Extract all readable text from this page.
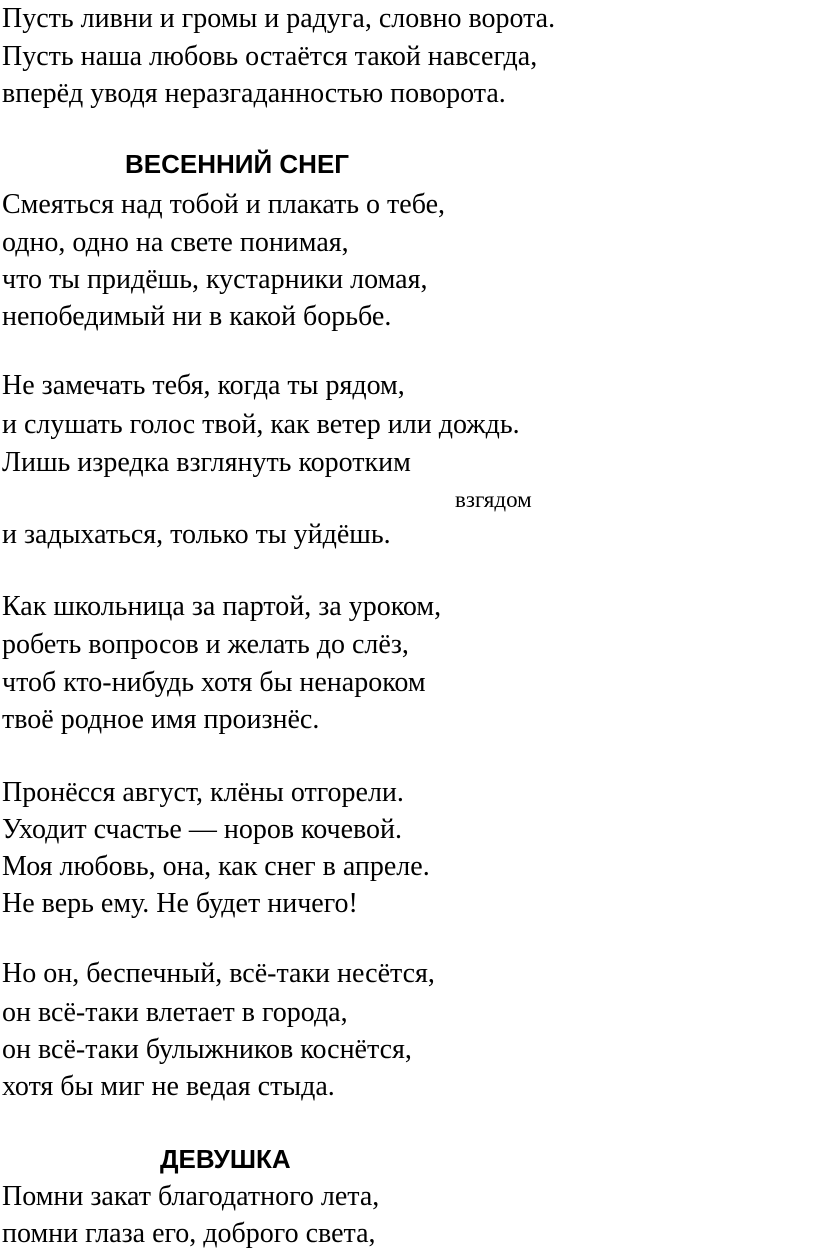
Пусть ливни и громы и радуга, словно ворота.

Пусть наша любовь остаётся такой навсегда,

вперёд уводя неразгаданностью поворота.

ВЕСЕННИЙ СНЕГ

Смеяться над тобой и плакать о тебе,

одно, одно на свете понимая,

что ты придёшь, кустарники ломая,

непобедимый ни в какой борьбе.

Не замечать тебя, когда ты рядом,

и слушать голос твой, как ветер или дождь.

Лишь изредка взглянуть коротким

взгядом

и задыхаться, только ты уйдёшь.

Как школьница за партой, за уроком,

робеть вопросов и желать до слёз,

чтоб кто-нибудь хотя бы ненароком

твоё родное имя произнёс.

Пронёсся август, клёны отгорели.

Уходит счастье — норов кочевой.

Моя любовь, она, как снег в апреле.

Не верь ему. Не будет ничего!

Но он, беспечный, всё-таки несётся,

он всё-таки влетает в города,

он всё-таки булыжников коснётся,

хотя бы миг не ведая стыда.

ДЕВУШКА

Помни закат благодатного лета,

помни глаза его, доброго света,
